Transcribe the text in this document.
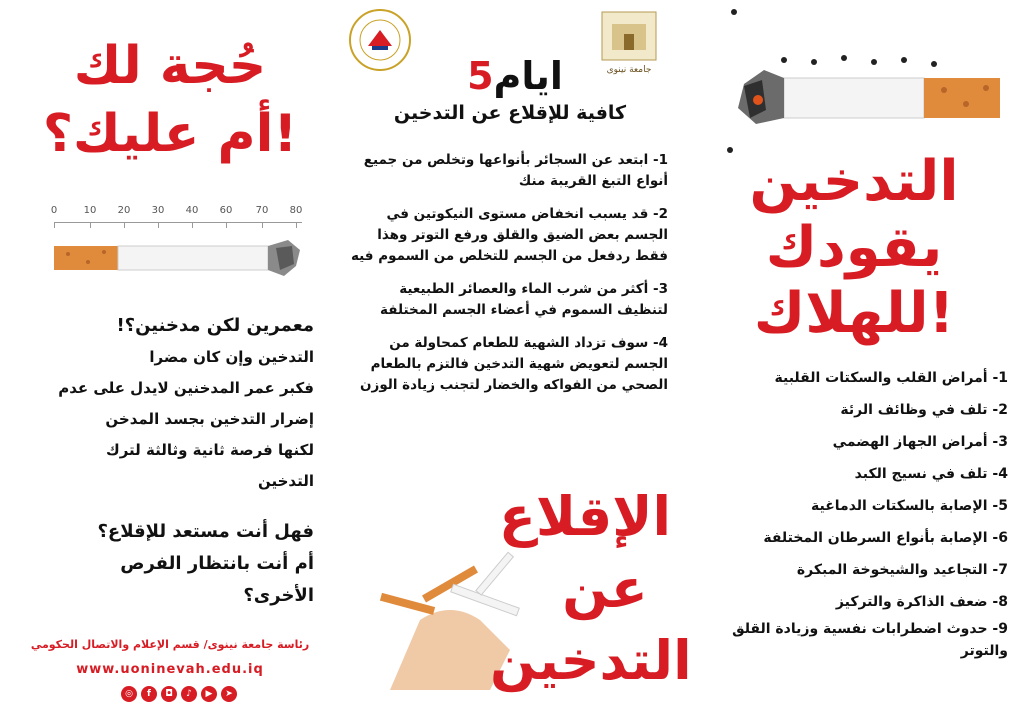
حُجة لك
أم عليك؟!
0	10 20 30 40 60 70 80
معمرين لكن مدخنين؟!
التدخين وإن كان مضرا
فكبر عمر المدخنين لايدل على عدم
إضرار التدخين بجسد المدخن
لكنها فرصة ثانية وثالثة لترك
التدخين
فهل أنت مستعد للإقلاع؟
أم أنت بانتظار الفرص
الأخرى؟
رئاسة جامعة نينوى/ قسم الإعلام والاتصال الحكومي
www.uoninevah.edu.iq
◎	f	◘	♪	▶	➤
جامعة نينوى
5ايام
كافية للإقلاع عن التدخين

1- ابتعد عن السجائر بأنواعها وتخلص من جميع أنواع التبغ القريبة منك

2- قد يسبب انخفاض مستوى النيكوتين في الجسم بعض الضيق والقلق ورفع التوتر وهذا فقط ردفعل من الجسم للتخلص من السموم فيه

3- أكثر من شرب الماء والعصائر الطبيعية لتنظيف السموم في أعضاء الجسم المختلفة

4- سوف تزداد الشهية للطعام كمحاولة من الجسم لتعويض شهية التدخين فالتزم بالطعام الصحي من الفواكه والخضار لتجنب زيادة الوزن

الإقلاع
عن
التدخين
التدخين
يقودك
للهلاك!
1- أمراض القلب والسكتات القلبية
2- تلف في وظائف الرئة
3- أمراض الجهاز الهضمي
4- تلف في نسيج الكبد
5- الإصابة بالسكتات الدماغية
6- الإصابة بأنواع السرطان المختلفة
7- التجاعيد والشيخوخة المبكرة
8- ضعف الذاكرة والتركيز
9- حدوث اضطرابات نفسية وزيادة القلق والتوتر
